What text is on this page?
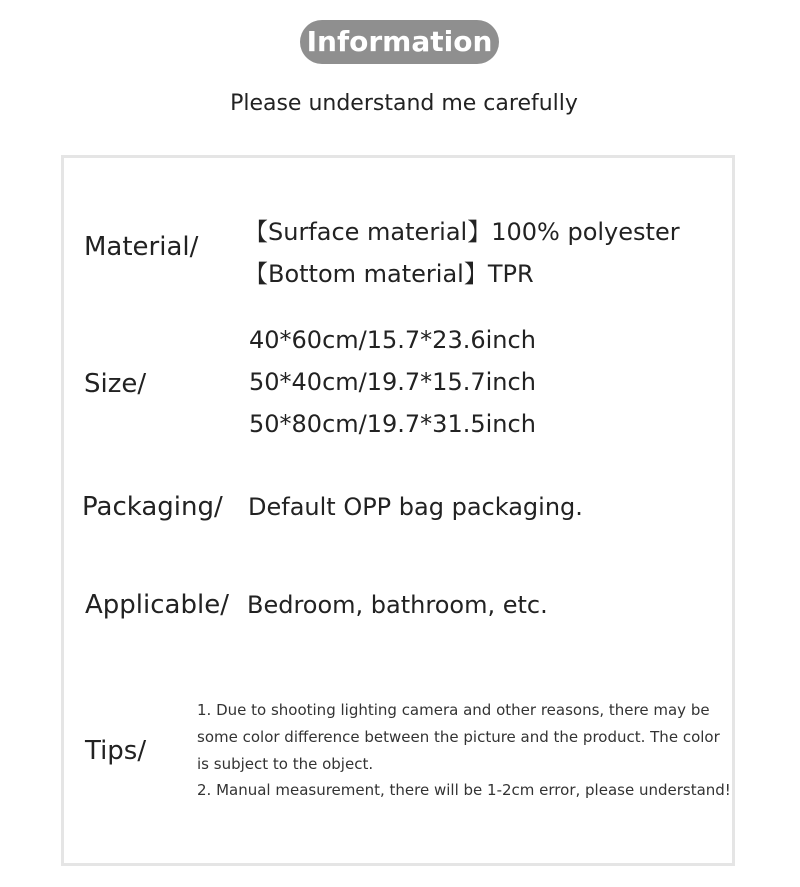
Information
Please understand me carefully
Material/ 【Surface material】100% polyester
【Bottom material】TPR
Size/
40*60cm/15.7*23.6inch
50*40cm/19.7*15.7inch
50*80cm/19.7*31.5inch
Packaging/ Default OPP bag packaging.
Applicable/ Bedroom, bathroom, etc.
Tips/
1. Due to shooting lighting camera and other reasons, there may be
some color difference between the picture and the product. The color
is subject to the object.
2. Manual measurement, there will be 1-2cm error, please understand!
